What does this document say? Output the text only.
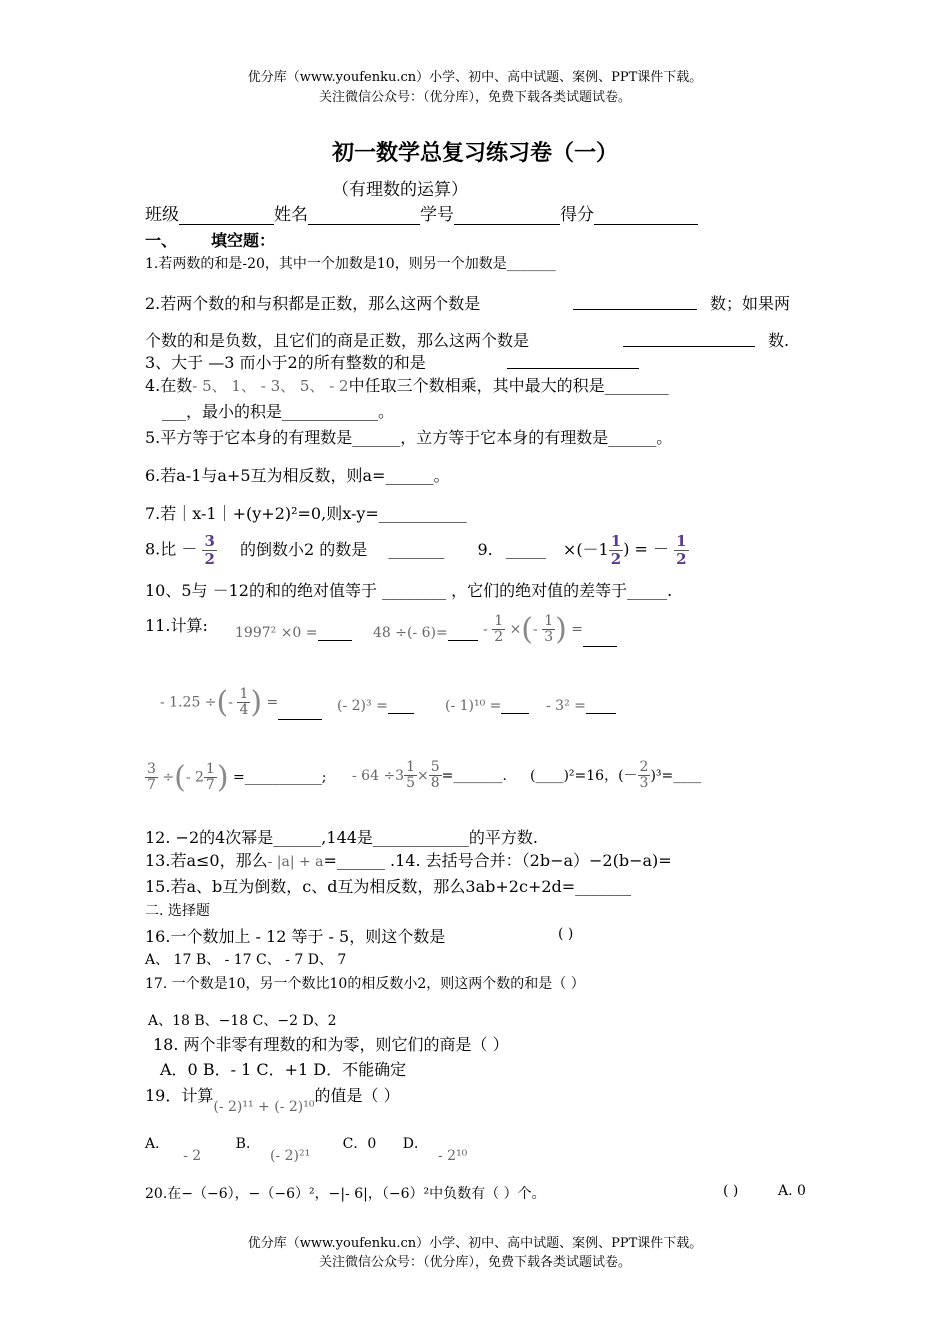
优分库（www.youfenku.cn）小学、初中、高中试题、案例、PPT课件下载。
关注微信公众号：（优分库），免费下载各类试题试卷。
初一数学总复习练习卷（一）
（有理数的运算）
班级	姓名	学号	得分
一、 填空题：
1.若两数的和是-20，其中一个加数是10，则另一个加数是_______
2.若两个数的和与积都是正数，那么这两个数是	数；如果两
个数的和是负数，且它们的商是正数，那么这两个数是	数.
3、大于 —3 而小于2的所有整数的和是
4.在数- 5、 1、 - 3、 5、 - 2中任取三个数相乘，其中最大的积是________
___，最小的积是____________。
5.平方等于它本身的有理数是______，立方等于它本身的有理数是______。
6.若a-1与a+5互为相反数，则a=______。
7.若｜x-1｜+(y+2)²=0,则x-y=___________
8.比 － $\frac{3}{2}$ 的倒数小2 的数是 _______ 9. _____ $\times(-1 \frac{1}{2}$ ) = － $\frac{1}{2}$
10、5与 －12的和的绝对值等于 ________ ，它们的绝对值的差等于_____.
11.计算: 1997² ×0 =	48 ÷(- 6)=	- $\frac{1}{2}$ ×(- $\frac{1}{3}$ ) =
- 1.25 ÷(- $\frac{1}{4}$ ) =	(- 2)³ =	(- 1)¹⁰ =	- 3² =
$\frac{3}{7}$ ÷(- $2 \frac{1}{7}$ ) =___________; - $64 \div 3 \frac{1}{5} \times \frac{5}{8}$ =_______. (____)²=16，(－ $\frac{2}{3}$ )³=____
12. −2的4次幂是______,144是____________的平方数.
13.若a≤0，那么- |a| + a=______ .14. 去括号合并：（2b−a）−2(b−a)=
15.若a、b互为倒数，c、d互为相反数，那么3ab+2c+2d=_______
二. 选择题
16.一个数加上 - 12 等于 - 5，则这个数是	( )
A、 17 B、 - 17 C、 - 7 D、 7
17. 一个数是10，另一个数比10的相反数小2，则这两个数的和是（ ）
A、18 B、−18 C、−2 D、2
18. 两个非零有理数的和为零，则它们的商是（ ）
A．0 B．- 1 C．+1 D．不能确定
19．计算(- 2)¹¹ + (- 2)¹⁰的值是（ ）
A．- 2 B．(- 2)²¹ C．0 D．- 2¹⁰
20.在−（−6），−（−6）²，−|- 6|，（−6）²中负数有（ ）个。	( )	A. 0
优分库（www.youfenku.cn）小学、初中、高中试题、案例、PPT课件下载。
关注微信公众号：（优分库），免费下载各类试题试卷。
